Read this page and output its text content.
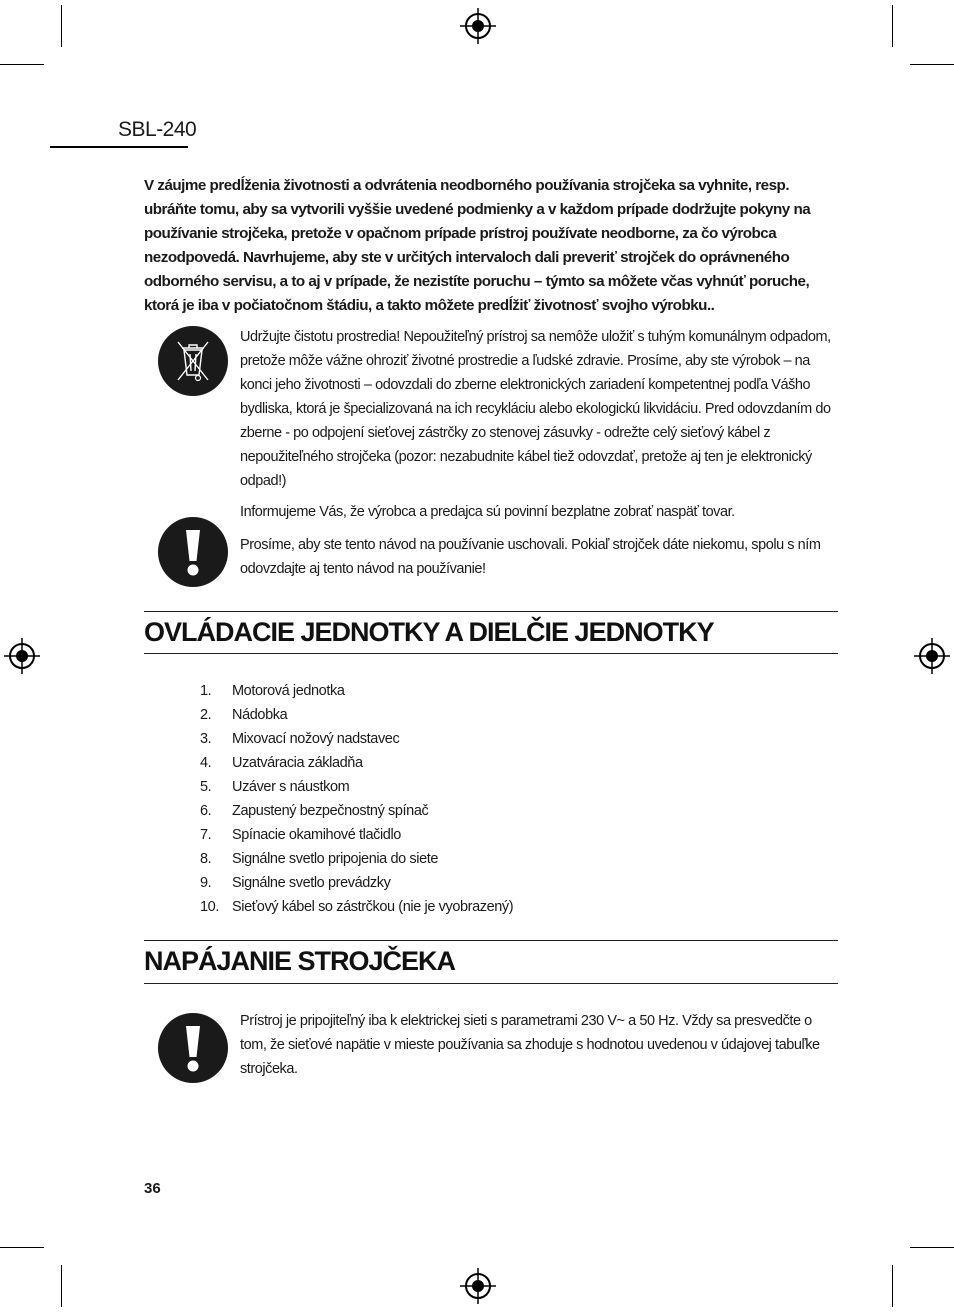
SBL-240
V záujme predĺženia životnosti a odvrátenia neodborného používania strojčeka sa vyhnite, resp. ubráňte tomu, aby sa vytvorili vyššie uvedené podmienky a v každom prípade dodržujte pokyny na používanie strojčeka, pretože v opačnom prípade prístroj používate neodborne, za čo výrobca nezodpovedá. Navrhujeme, aby ste v určitých intervaloch dali preveriť strojček do oprávneného odborného servisu, a to aj v prípade, že nezistíte poruchu – týmto sa môžete včas vyhnúť poruche, ktorá je iba v počiatočnom štádiu, a takto môžete predĺžiť životnosť svojho výrobku..
Udržujte čistotu prostredia! Nepoužiteľný prístroj sa nemôže uložiť s tuhým komunálnym odpadom, pretože môže vážne ohroziť životné prostredie a ľudské zdravie. Prosíme, aby ste výrobok – na konci jeho životnosti – odovzdali do zberne elektronických zariadení kompetentnej podľa Vášho bydliska, ktorá je špecializovaná na ich recykláciu alebo ekologickú likvidáciu. Pred odovzdaním do zberne - po odpojení sieťovej zástrčky zo stenovej zásuvky - odrežte celý sieťový kábel z nepoužiteľného strojčeka (pozor: nezabudnite kábel tiež odovzdať, pretože aj ten je elektronický odpad!)
Informujeme Vás, že výrobca a predajca sú povinní bezplatne zobrať naspäť tovar.
Prosíme, aby ste tento návod na používanie uschovali. Pokiaľ strojček dáte niekomu, spolu s ním odovzdajte aj tento návod na používanie!
OVLÁDACIE JEDNOTKY A DIELČIE JEDNOTKY
1. Motorová jednotka
2. Nádobka
3. Mixovací nožový nadstavec
4. Uzatváracia základňa
5. Uzáver s náustkom
6. Zapustený bezpečnostný spínač
7. Spínacie okamihové tlačidlo
8. Signálne svetlo pripojenia do siete
9. Signálne svetlo prevádzky
10. Sieťový kábel so zástrčkou (nie je vyobrazený)
NAPÁJANIE STROJČEKA
Prístroj je pripojiteľný iba k elektrickej sieti s parametrami 230 V~ a 50 Hz. Vždy sa presvedčte o tom, že sieťové napätie v mieste používania sa zhoduje s hodnotou uvedenou v údajovej tabuľke strojčeka.
36
